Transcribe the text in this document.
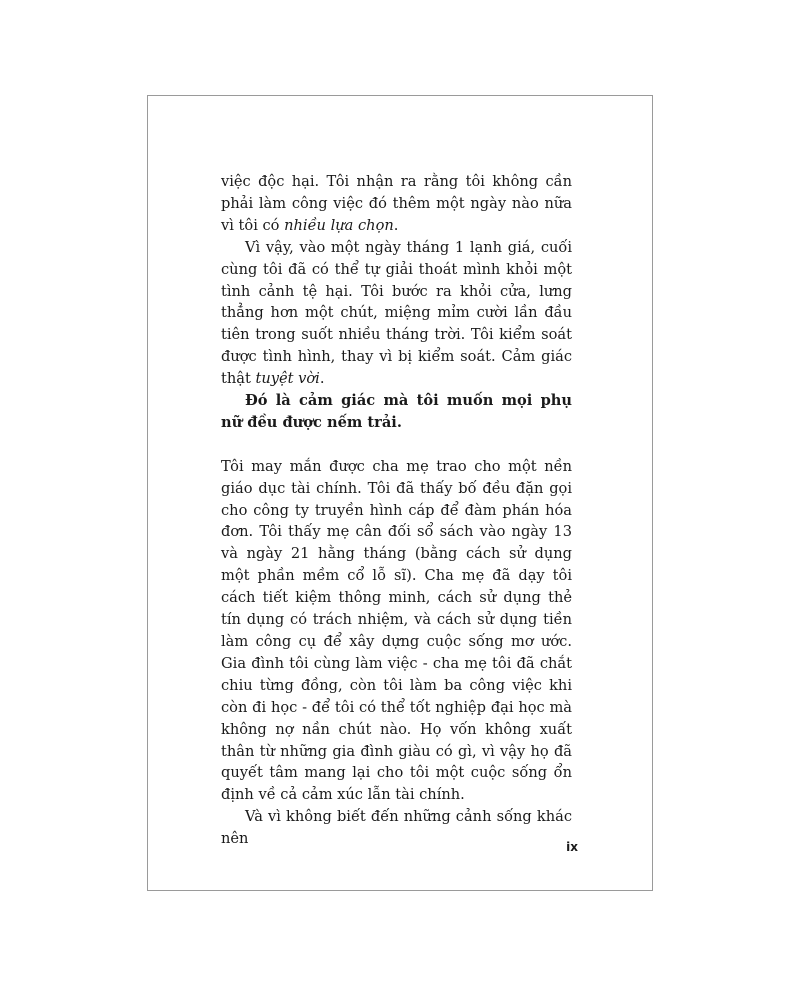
việc độc hại. Tôi nhận ra rằng tôi không cần phải làm công việc đó thêm một ngày nào nữa vì tôi có nhiều lựa chọn.

Vì vậy, vào một ngày tháng 1 lạnh giá, cuối cùng tôi đã có thể tự giải thoát mình khỏi một tình cảnh tệ hại. Tôi bước ra khỏi cửa, lưng thẳng hơn một chút, miệng mỉm cười lần đầu tiên trong suốt nhiều tháng trời. Tôi kiểm soát được tình hình, thay vì bị kiểm soát. Cảm giác thật tuyệt vời.

Đó là cảm giác mà tôi muốn mọi phụ nữ đều được nếm trải.

Tôi may mắn được cha mẹ trao cho một nền giáo dục tài chính. Tôi đã thấy bố đều đặn gọi cho công ty truyền hình cáp để đàm phán hóa đơn. Tôi thấy mẹ cân đối sổ sách vào ngày 13 và ngày 21 hằng tháng (bằng cách sử dụng một phần mềm cổ lỗ sĩ). Cha mẹ đã dạy tôi cách tiết kiệm thông minh, cách sử dụng thẻ tín dụng có trách nhiệm, và cách sử dụng tiền làm công cụ để xây dựng cuộc sống mơ ước. Gia đình tôi cùng làm việc - cha mẹ tôi đã chắt chiu từng đồng, còn tôi làm ba công việc khi còn đi học - để tôi có thể tốt nghiệp đại học mà không nợ nần chút nào. Họ vốn không xuất thân từ những gia đình giàu có gì, vì vậy họ đã quyết tâm mang lại cho tôi một cuộc sống ổn định về cả cảm xúc lẫn tài chính.

Và vì không biết đến những cảnh sống khác nên	ix
